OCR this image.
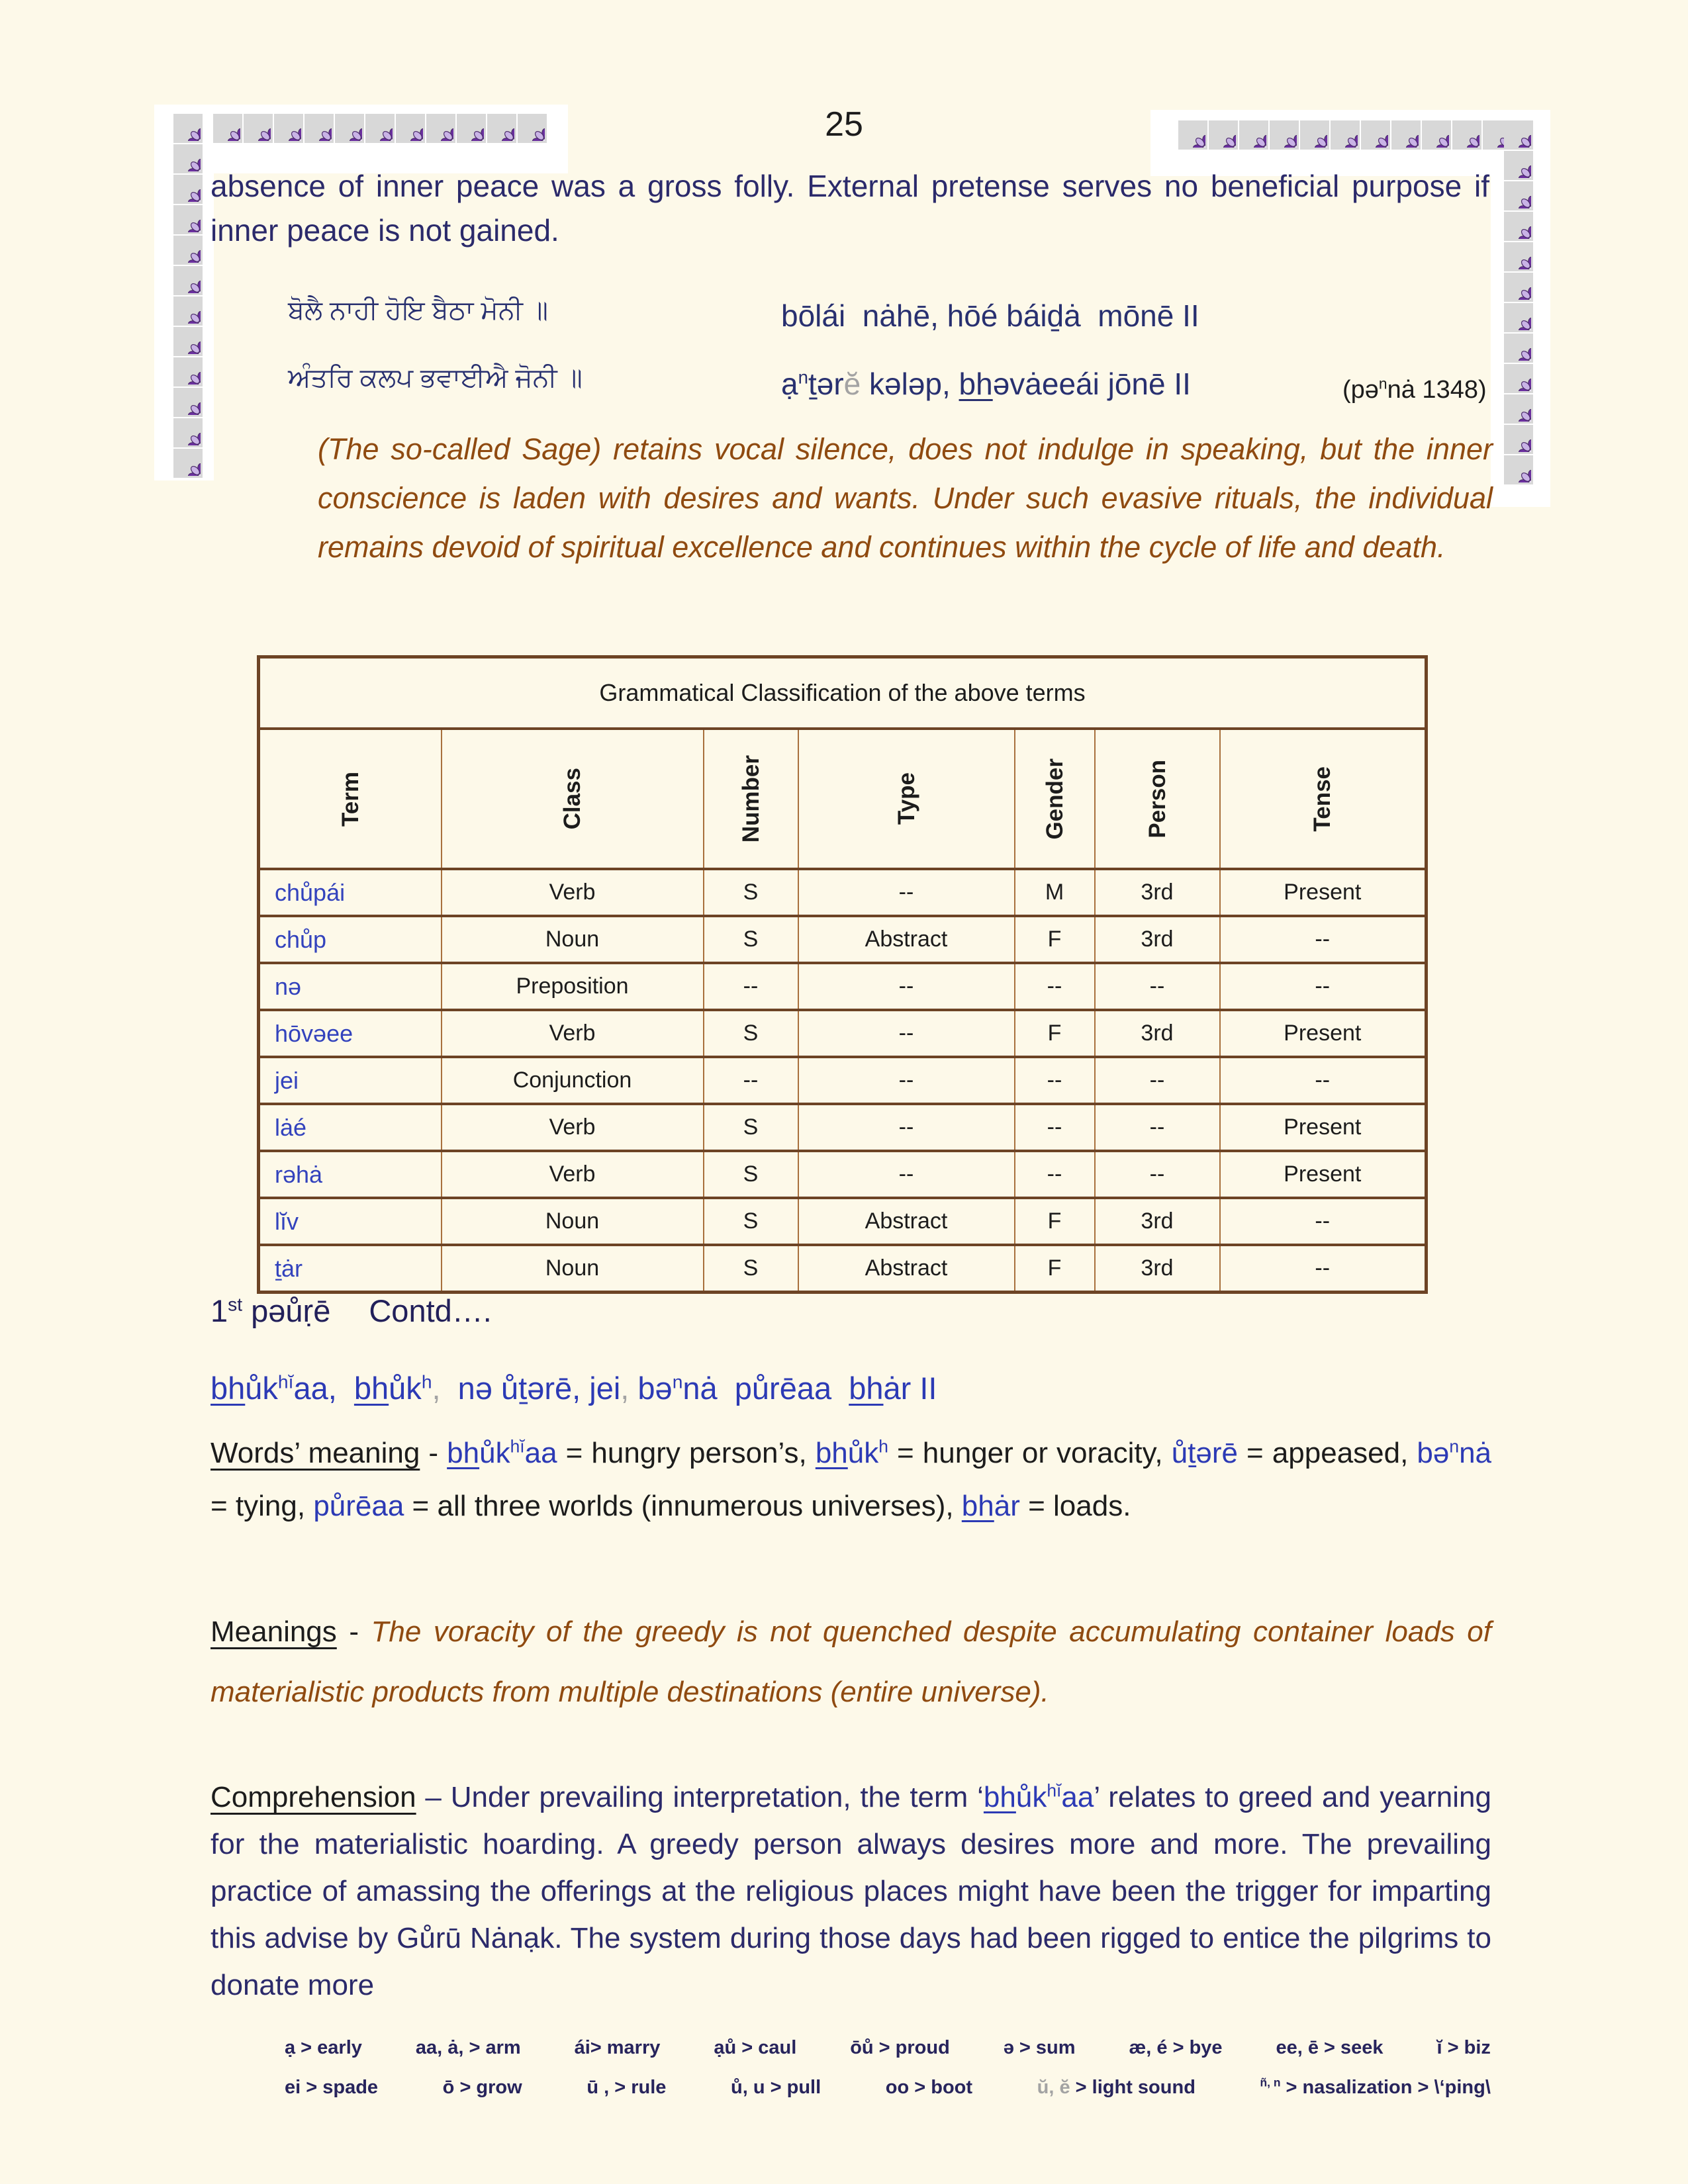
25
absence of inner peace was a gross folly. External pretense serves no beneficial purpose if inner peace is not gained.
ਬੋਲੈ ਨਾਹੀ ਹੋਇ ਬੈਠਾ ਮੋਨੀ ॥	bōlái  nȧhē, hōé báiḏȧ  mōnē II
ਅੰਤਰਿ ਕਲਪ ਭਵਾਈਐ ਜੋਨੀ ॥	ạ$^n$ṯərĕ kələp, bhəvȧeeái jōnē II	(pə$^n$nȧ 1348)
(The so-called Sage) retains vocal silence, does not indulge in speaking, but the inner conscience is laden with desires and wants. Under such evasive rituals, the individual remains devoid of spiritual excellence and continues within the cycle of life and death.
Grammatical Classification of the above terms						

Term	Class	Number	Type	Gender	Person	Tense

chůpái	Verb	S	--	M	3rd	Present
chůp	Noun	S	Abstract	F	3rd	--
nə	Preposition	--	--	--	--	--
hōvəee	Verb	S	--	F	3rd	Present
jei	Conjunction	--	--	--	--	--
lȧé	Verb	S	--	--	--	Present
rəhȧ	Verb	S	--	--	--	Present
lĭv	Noun	S	Abstract	F	3rd	--
ṯȧr	Noun	S	Abstract	F	3rd	--
1st pəůṛē Contd….
bhůk$^{hĭ}$aa,  bhůk$^h$,  nə ůṯərē, jei, bə$^n$nȧ  půrēaa  bhȧr II
Words’ meaning - bhůk$^{hĭ}$aa = hungry person’s, bhůk$^h$ = hunger or voracity, ůṯərē = appeased, bə$^n$nȧ = tying, půrēaa = all three worlds (innumerous universes), bhȧr = loads.
Meanings - The voracity of the greedy is not quenched despite accumulating container loads of materialistic products from multiple destinations (entire universe).
Comprehension – Under prevailing interpretation, the term ‘bhůk$^{hĭ}$aa’ relates to greed and yearning for the materialistic hoarding. A greedy person always desires more and more. The prevailing practice of amassing the offerings at the religious places might have been the trigger for imparting this advise by Gůrū Nȧnạk. The system during those days had been rigged to entice the pilgrims to donate more
ạ > early	aa, ȧ, > arm	ái> marry	ạů > caul	ōů > proud	ə > sum	æ, é > bye	ee, ē > seek	ĭ > biz
ei > spade	ō > grow	ū , > rule	ů, u > pull	oo > boot	ŭ, ĕ > light sound	$^{ñ, n}$ > nasalization > \‘ping\
